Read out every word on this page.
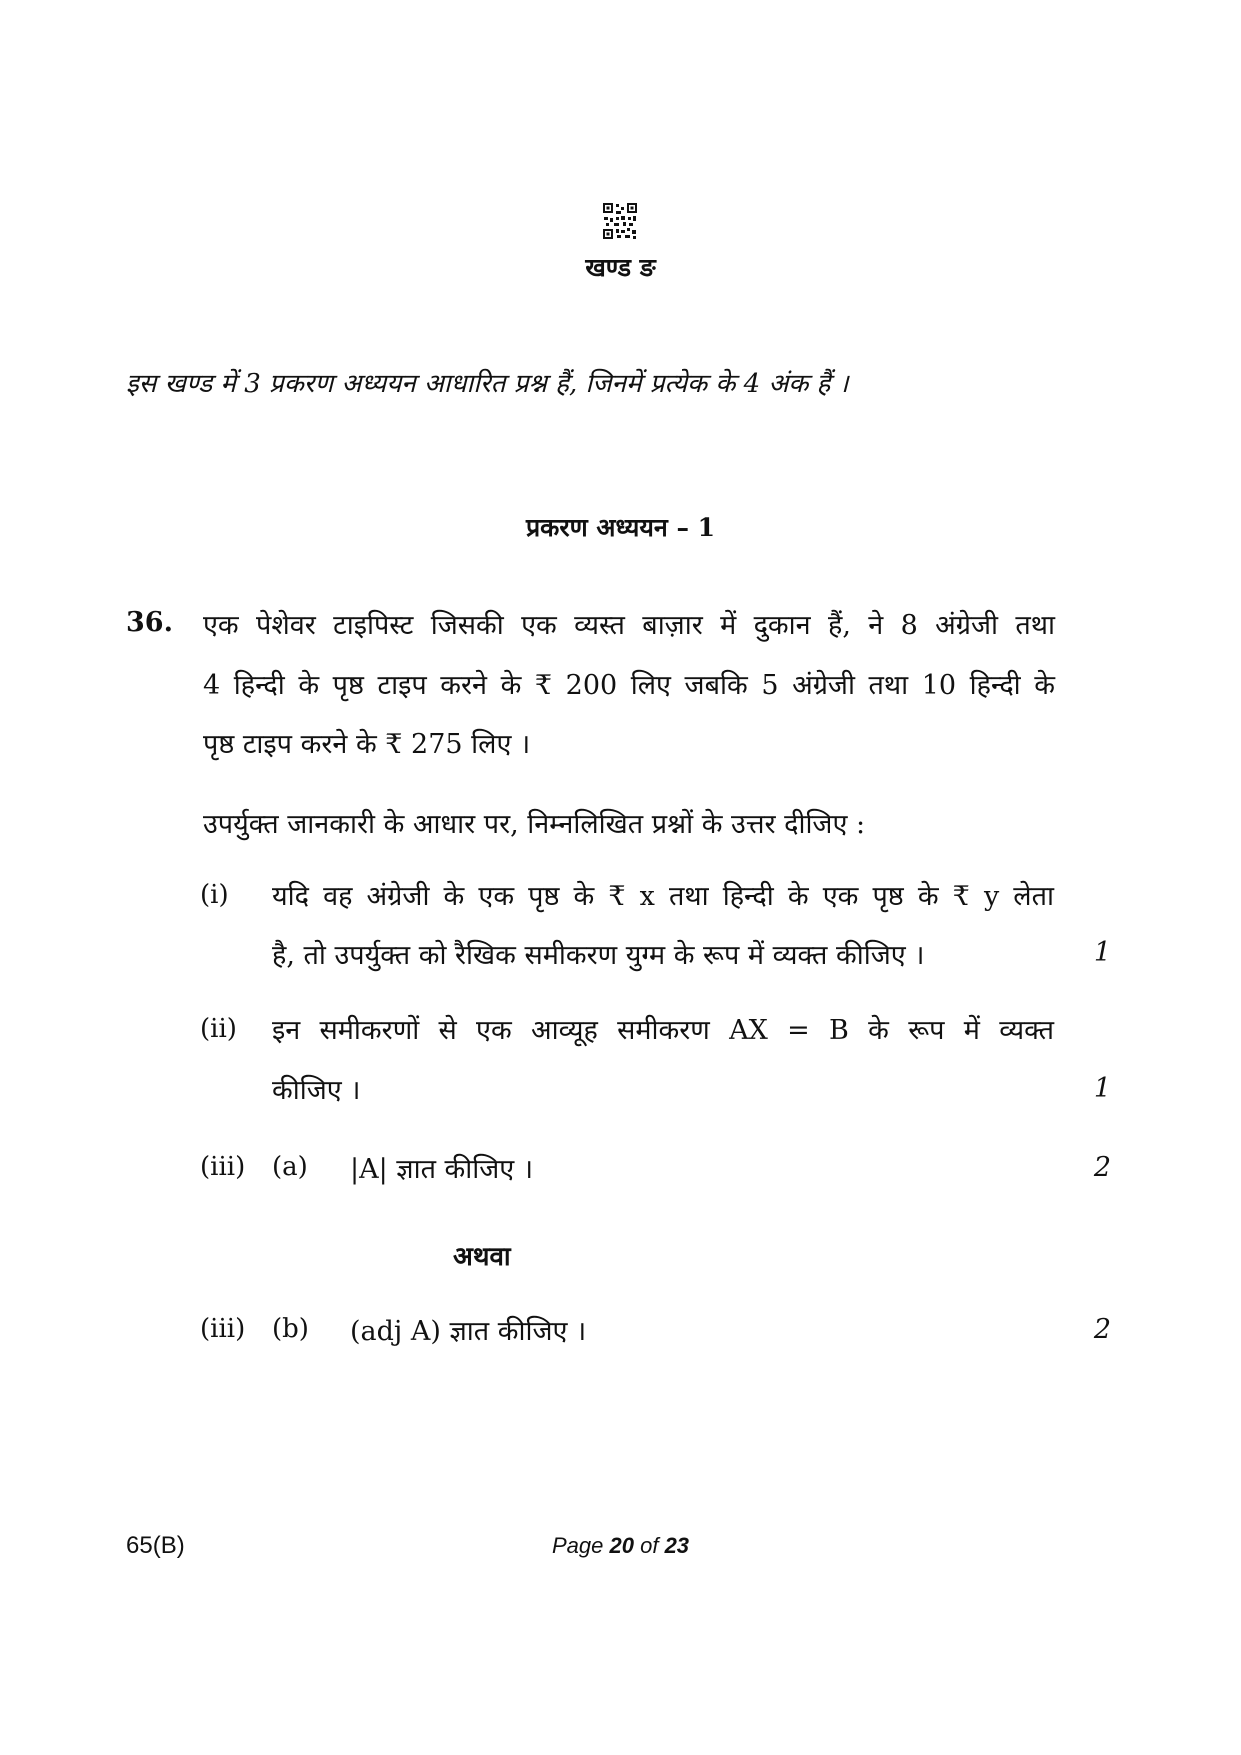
खण्ड ङ
इस खण्ड में 3 प्रकरण अध्ययन आधारित प्रश्न हैं, जिनमें प्रत्येक के 4 अंक हैं ।
प्रकरण अध्ययन – 1
36. एक पेशेवर टाइपिस्ट जिसकी एक व्यस्त बाज़ार में दुकान हैं, ने 8 अंग्रेजी तथा
4 हिन्दी के पृष्ठ टाइप करने के ₹ 200 लिए जबकि 5 अंग्रेजी तथा 10 हिन्दी के
पृष्ठ टाइप करने के ₹ 275 लिए ।
उपर्युक्त जानकारी के आधार पर, निम्नलिखित प्रश्नों के उत्तर दीजिए :
(i) यदि वह अंग्रेजी के एक पृष्ठ के ₹ x तथा हिन्दी के एक पृष्ठ के ₹ y लेता
है, तो उपर्युक्त को रैखिक समीकरण युग्म के रूप में व्यक्त कीजिए ।	1
(ii) इन समीकरणों से एक आव्यूह समीकरण AX = B के रूप में व्यक्त
कीजिए ।	1
(iii) (a) |A| ज्ञात कीजिए ।	2
अथवा
(iii) (b) (adj A) ज्ञात कीजिए ।	2
65(B)	Page 20 of 23
